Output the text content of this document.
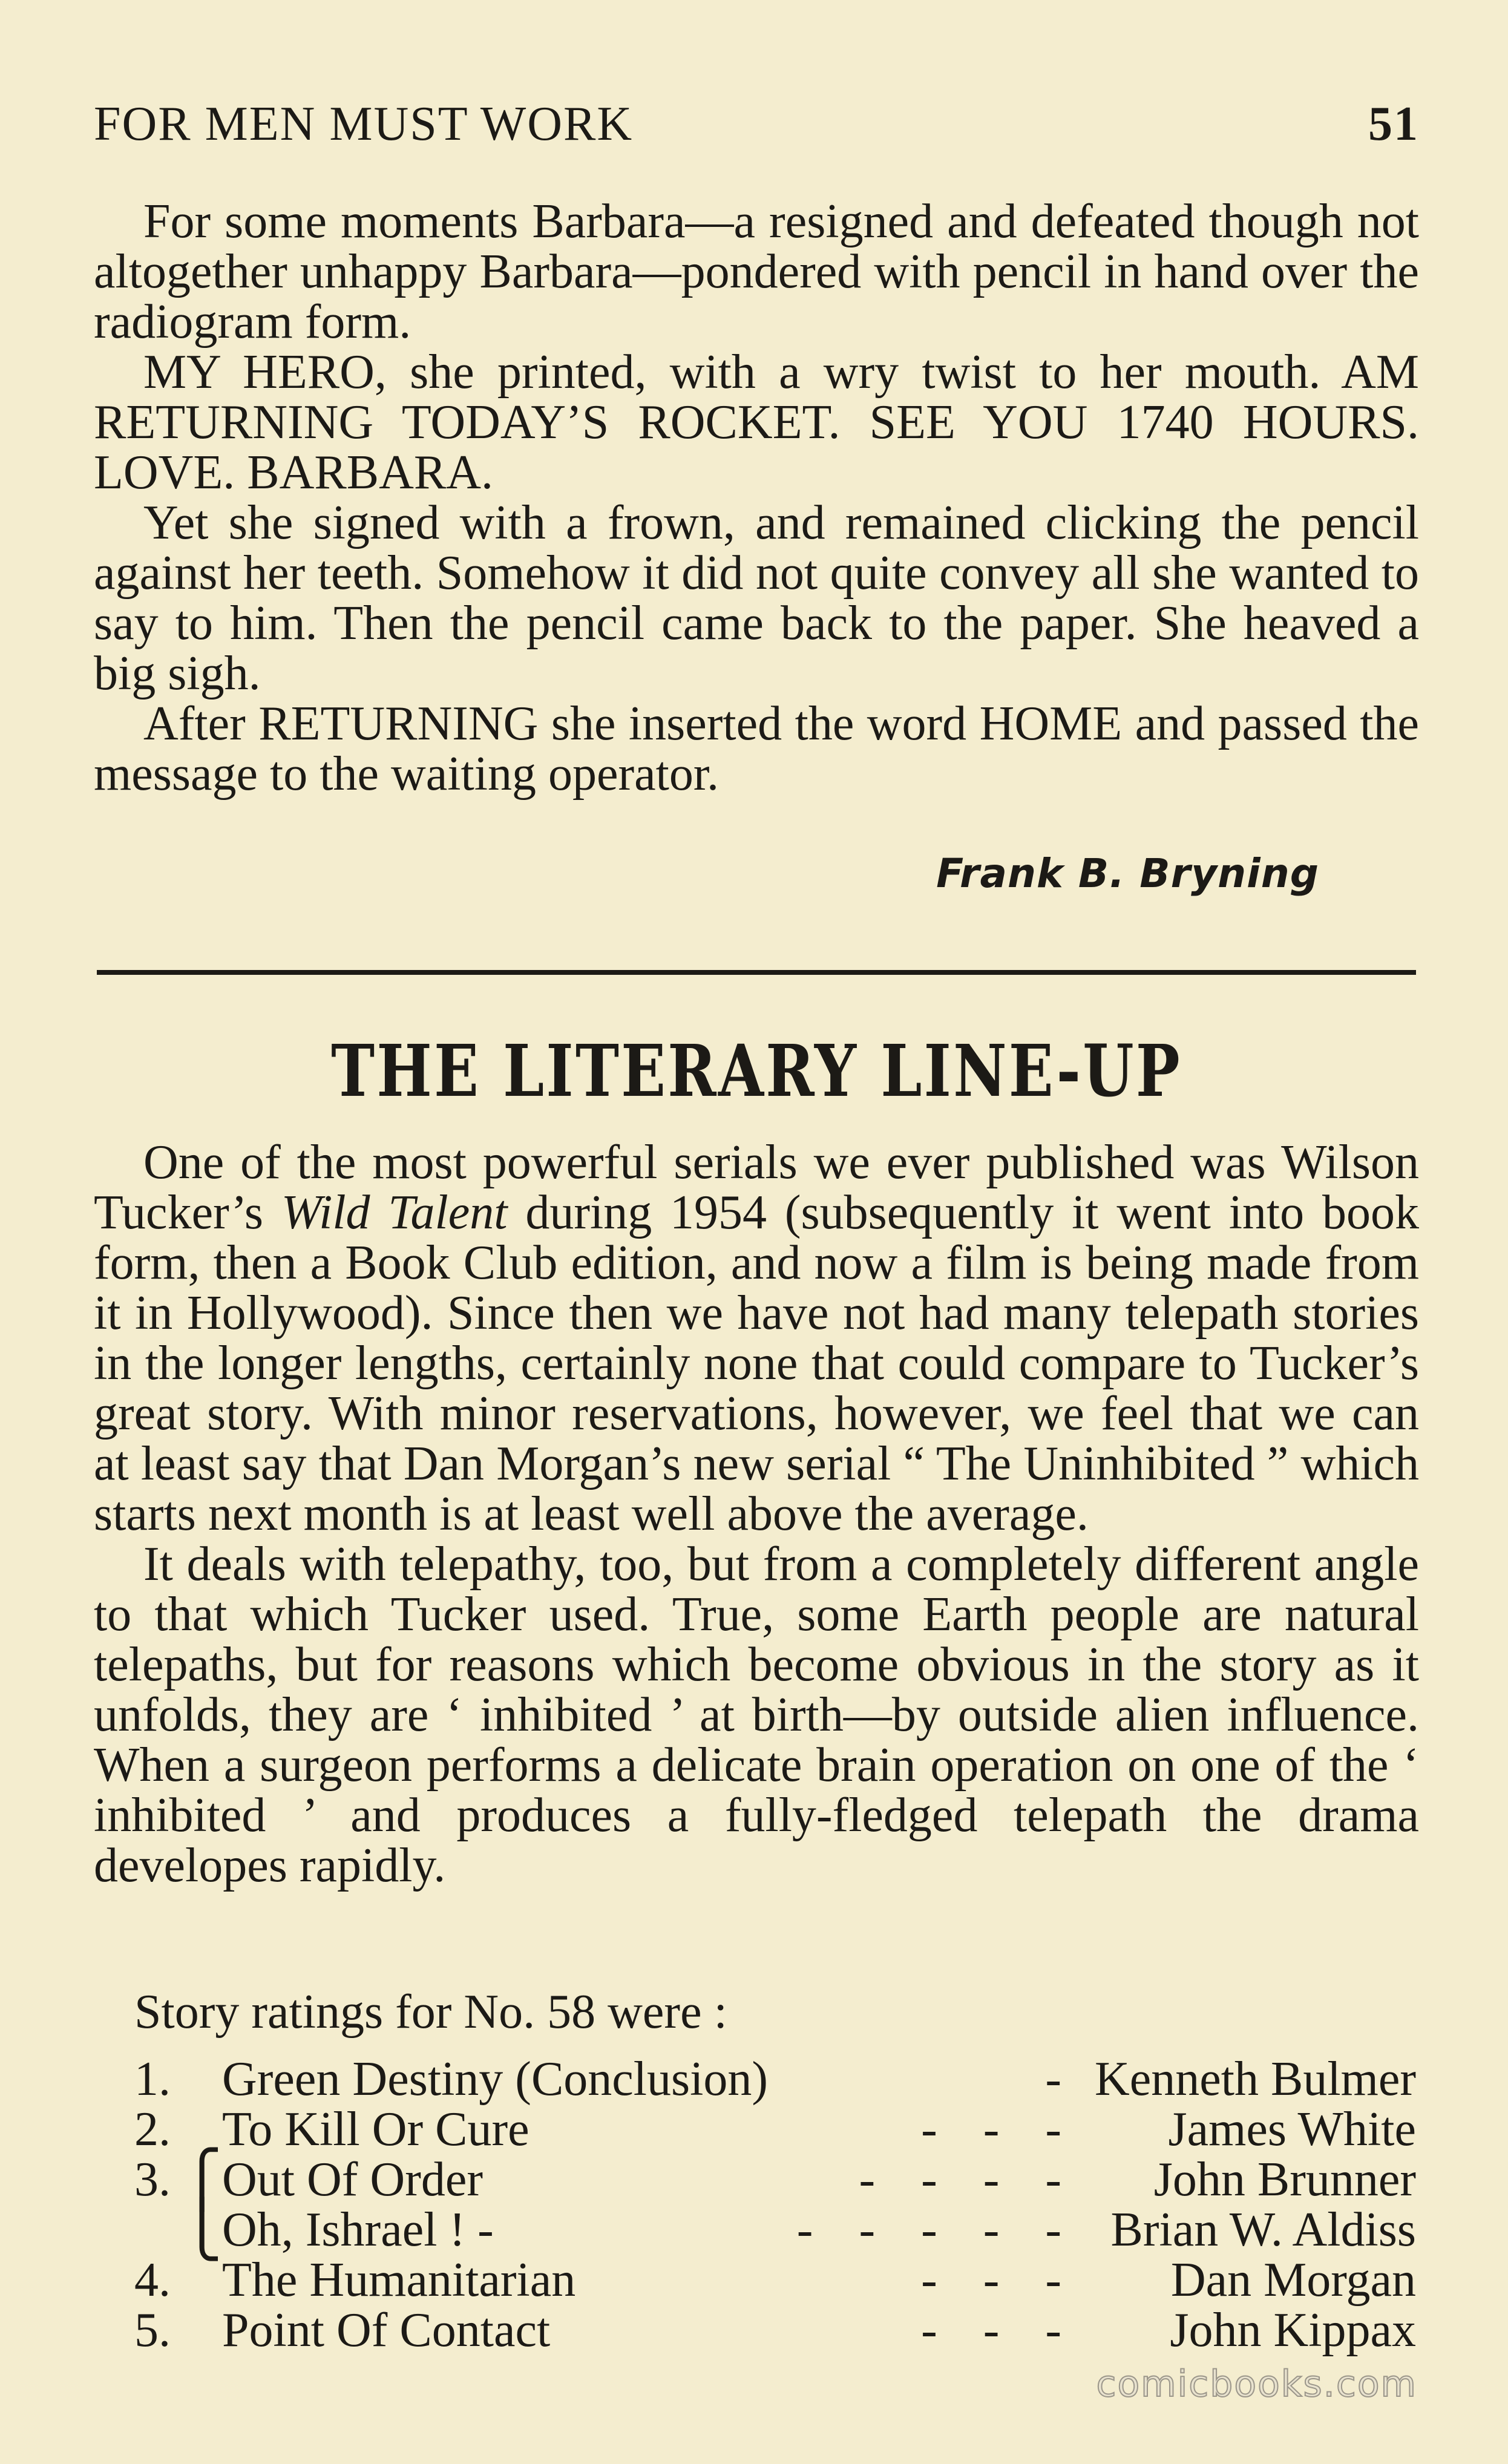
FOR MEN MUST WORK	51

For some moments Barbara—a resigned and defeated though not altogether unhappy Barbara—pondered with pencil in hand over the radiogram form.

MY HERO, she printed, with a wry twist to her mouth. AM RETURNING TODAY’S ROCKET. SEE YOU 1740 HOURS. LOVE. BARBARA.

Yet she signed with a frown, and remained clicking the pencil against her teeth. Somehow it did not quite convey all she wanted to say to him. Then the pencil came back to the paper. She heaved a big sigh.

After RETURNING she inserted the word HOME and passed the message to the waiting operator.

Frank B. Bryning
THE LITERARY LINE-UP

One of the most powerful serials we ever published was Wilson Tucker’s Wild Talent during 1954 (subsequently it went into book form, then a Book Club edition, and now a film is being made from it in Hollywood). Since then we have not had many telepath stories in the longer lengths, certainly none that could compare to Tucker’s great story. With minor reservations, however, we feel that we can at least say that Dan Morgan’s new serial “ The Uninhibited ” which starts next month is at least well above the average.

It deals with telepathy, too, but from a completely different angle to that which Tucker used. True, some Earth people are natural telepaths, but for reasons which become obvious in the story as it unfolds, they are ‘ inhibited ’ at birth—by outside alien influence. When a surgeon performs a delicate brain operation on one of the ‘ inhibited ’ and produces a fully-fledged telepath the drama developes rapidly.

Story ratings for No. 58 were :
1. Green Destiny (Conclusion)	- Kenneth Bulmer
2. To Kill Or Cure	- - - James White
3. ⎧ Out Of Order	- - - - John Brunner
⎩ Oh, Ishrael ! -	- - - - - Brian W. Aldiss
4. The Humanitarian	- - - Dan Morgan
5. Point Of Contact	- - - John Kippax
comicbooks.com
